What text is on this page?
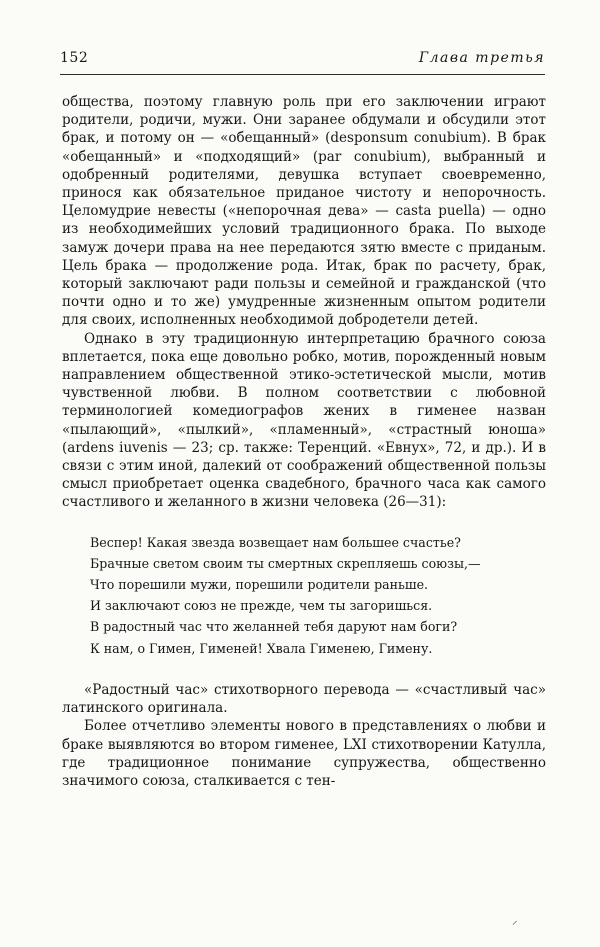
152	Глава третья

общества, поэтому главную роль при его заключении играют родители, родичи, мужи. Они заранее обдумали и обсудили этот брак, и потому он — «обещанный» (desponsum conubium). В брак «обещанный» и «подходящий» (par conubium), выбранный и одобренный родителями, девушка вступает своевременно, принося как обязательное приданое чистоту и непорочность. Целомудрие невесты («непорочная дева» — casta puella) — одно из необходимейших условий традиционного брака. По выходе замуж дочери права на нее передаются зятю вместе с приданым. Цель брака — продолжение рода. Итак, брак по расчету, брак, который заключают ради пользы и семейной и гражданской (что почти одно и то же) умудренные жизненным опытом родители для своих, исполненных необходимой добродетели детей.

Однако в эту традиционную интерпретацию брачного союза вплетается, пока еще довольно робко, мотив, порожденный новым направлением общественной этико-эстетической мысли, мотив чувственной любви. В полном соответствии с любовной терминологией комедиографов жених в гименее назван «пылающий», «пылкий», «пламенный», «страстный юноша» (ardens iuvenis — 23; ср. также: Теренций. «Евнух», 72, и др.). И в связи с этим иной, далекий от соображений общественной пользы смысл приобретает оценка свадебного, брачного часа как самого счастливого и желанного в жизни человека (26—31):

Веспер! Какая звезда возвещает нам большее счастье?
Брачные светом своим ты смертных скрепляешь союзы,—
Что порешили мужи, порешили родители раньше.
И заключают союз не прежде, чем ты загоришься.
В радостный час что желанней тебя даруют нам боги?
К нам, о Гимен, Гименей! Хвала Гименею, Гимену.

«Радостный час» стихотворного перевода — «счастливый час» латинского оригинала.

Более отчетливо элементы нового в представлениях о любви и браке выявляются во втором гименее, LXI стихотворении Катулла, где традиционное понимание супружества, общественно значимого союза, сталкивается с тен-

⸝
